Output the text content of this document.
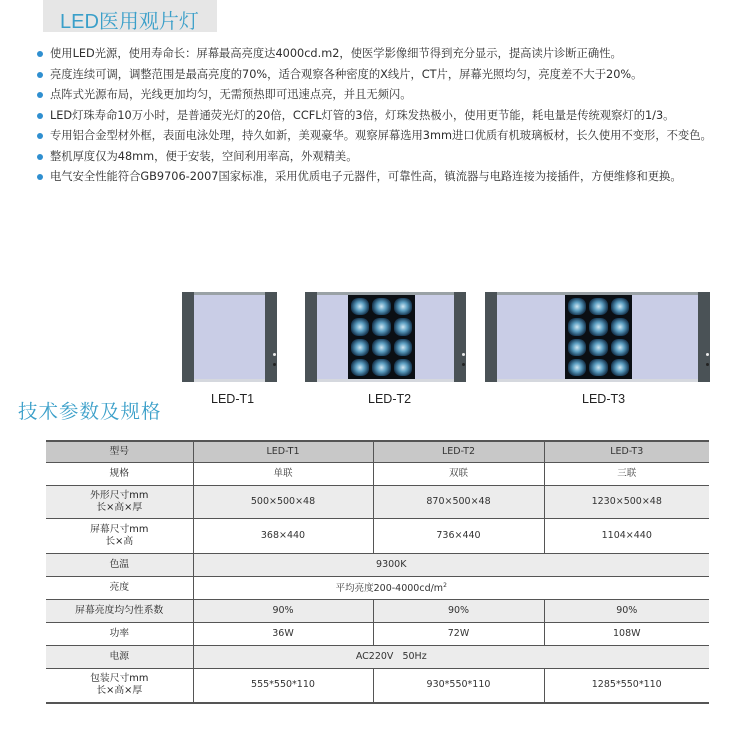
LED医用观片灯
使用LED光源，使用寿命长：屏幕最高亮度达4000cd.m2，使医学影像细节得到充分显示，提高读片诊断正确性。
亮度连续可调，调整范围是最高亮度的70%，适合观察各种密度的X线片，CT片，屏幕光照均匀，亮度差不大于20%。
点阵式光源布局，光线更加均匀，无需预热即可迅速点亮，并且无频闪。
LED灯珠寿命10万小时，是普通荧光灯的20倍，CCFL灯管的3倍，灯珠发热极小，使用更节能，耗电量是传统观察灯的1/3。
专用铝合金型材外框，表面电泳处理，持久如新，美观豪华。观察屏幕选用3mm进口优质有机玻璃板材，长久使用不变形，不变色。
整机厚度仅为48mm，便于安装，空间利用率高，外观精美。
电气安全性能符合GB9706-2007国家标准，采用优质电子元器件，可靠性高，镇流器与电路连接为接插件，方便维修和更换。
LED-T1	LED-T2	LED-T3
技术参数及规格
型号	LED-T1	LED-T2	LED-T3
规格	单联	双联	三联
外形尺寸mm
长×高×厚	500×500×48	870×500×48	1230×500×48
屏幕尺寸mm
长×高	368×440	736×440	1104×440
色温	9300K		
亮度	平均亮度$200-4000cd/m^2$
屏幕亮度均匀性系数	90%	90%	90%
功率	36W	72W	108W
电源	AC220V   50Hz		
包装尺寸mm
长×高×厚	555*550*110	930*550*110	1285*550*110
